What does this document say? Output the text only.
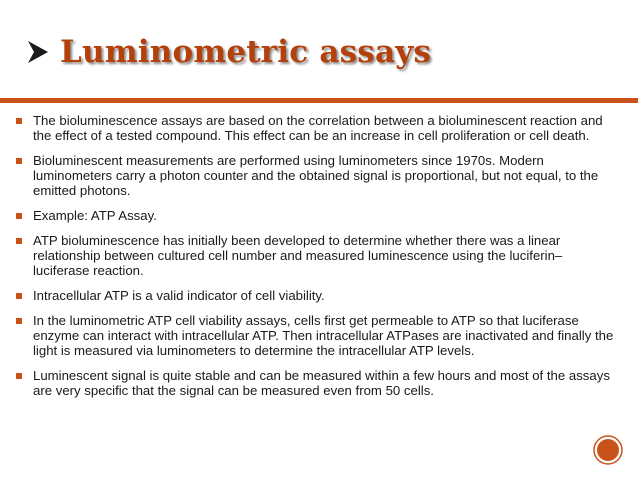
Luminometric assays
The bioluminescence assays are based on the correlation between a bioluminescent reaction and the effect of a tested compound. This effect can be an increase in cell proliferation or cell death.
Bioluminescent measurements are performed using luminometers since 1970s. Modern luminometers carry a photon counter and the obtained signal is proportional, but not equal, to the emitted photons.
Example: ATP Assay.
ATP bioluminescence has initially been developed to determine whether there was a linear relationship between cultured cell number and measured luminescence using the luciferin–luciferase reaction.
Intracellular ATP is a valid indicator of cell viability.
In the luminometric ATP cell viability assays, cells first get permeable to ATP so that luciferase enzyme can interact with intracellular ATP. Then intracellular ATPases are inactivated and finally the light is measured via luminometers to determine the intracellular ATP levels.
Luminescent signal is quite stable and can be measured within a few hours and most of the assays are very specific that the signal can be measured even from 50 cells.
